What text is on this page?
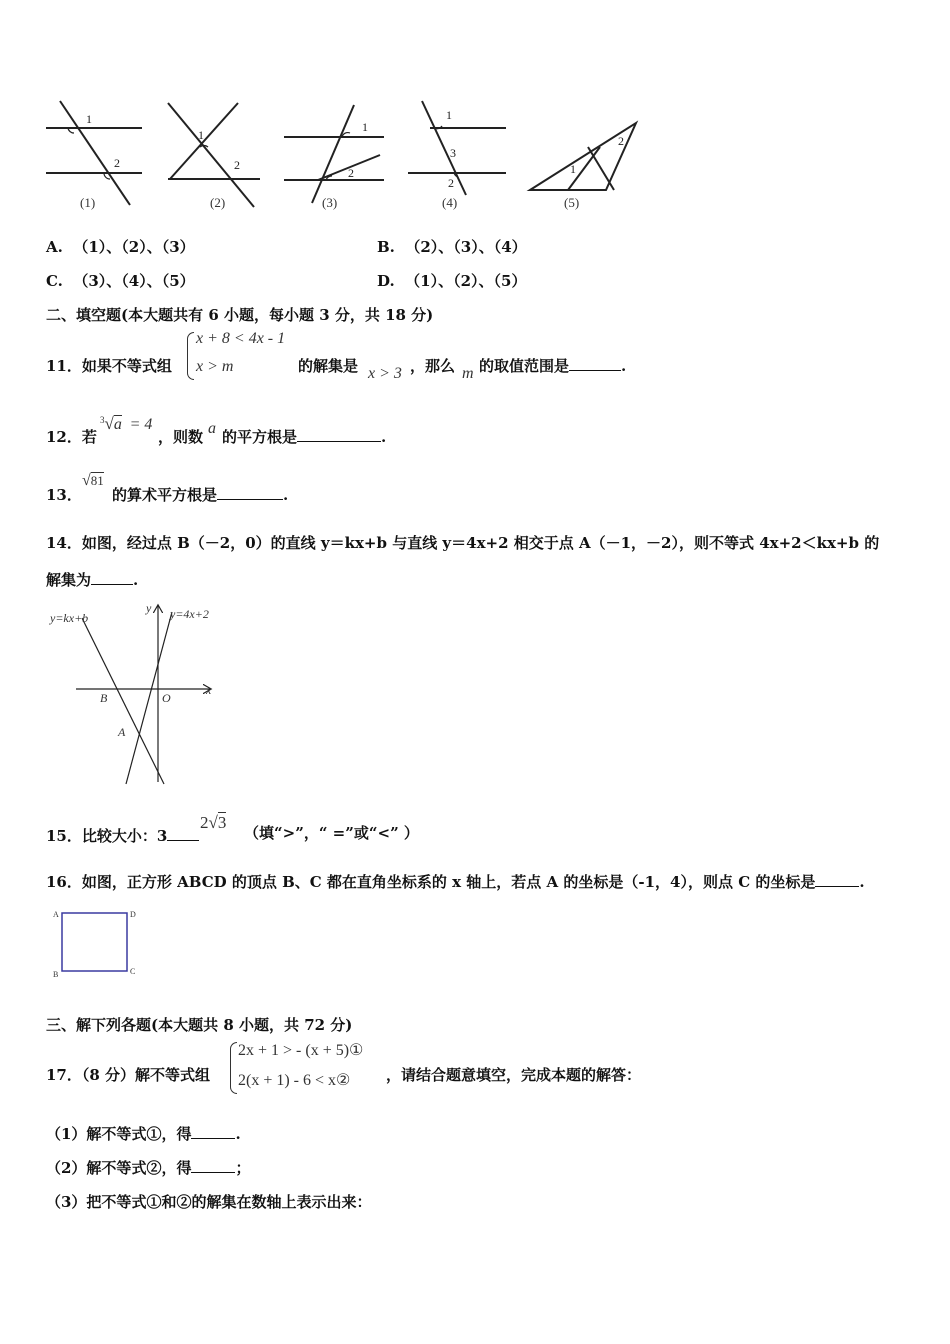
1
2
1
2
1
2
1
3
2
1
2
(1)	(2)	(3)	(4)	(5)
A. （1）、（2）、（3）	B. （2）、（3）、（4）
C. （3）、（4）、（5）	D. （1）、（2）、（5）
二、填空题(本大题共有 6 小题，每小题 3 分，共 18 分)
11．如果不等式组
x + 8 < 4x - 1
x > m	的解集是 x > 3 ，那么 m 的取值范围是	.
12．若
$^3$√a = 4
，则数 a 的平方根是	.
13．
√81
的算术平方根是	.
14．如图，经过点 B（－2，0）的直线 y＝kx+b 与直线 y＝4x+2 相交于点 A（－1，－2），则不等式 4x+2＜kx+b 的
解集为	.
y=kx+b	y=4x+2
y
x
O
B
A
15．比较大小：3
2√3
（填“>”，“ =”或“<” ）
16．如图，正方形 ABCD 的顶点 B、C 都在直角坐标系的 x 轴上，若点 A 的坐标是（-1，4），则点 C 的坐标是	.
A	D
B	C
三、解下列各题(本大题共 8 小题，共 72 分)
17．（8 分）解不等式组
2x + 1 > - (x + 5)①
2(x + 1) - 6 < x② ，请结合题意填空，完成本题的解答：
（1）解不等式①，得	.
（2）解不等式②，得	；
（3）把不等式①和②的解集在数轴上表示出来：
